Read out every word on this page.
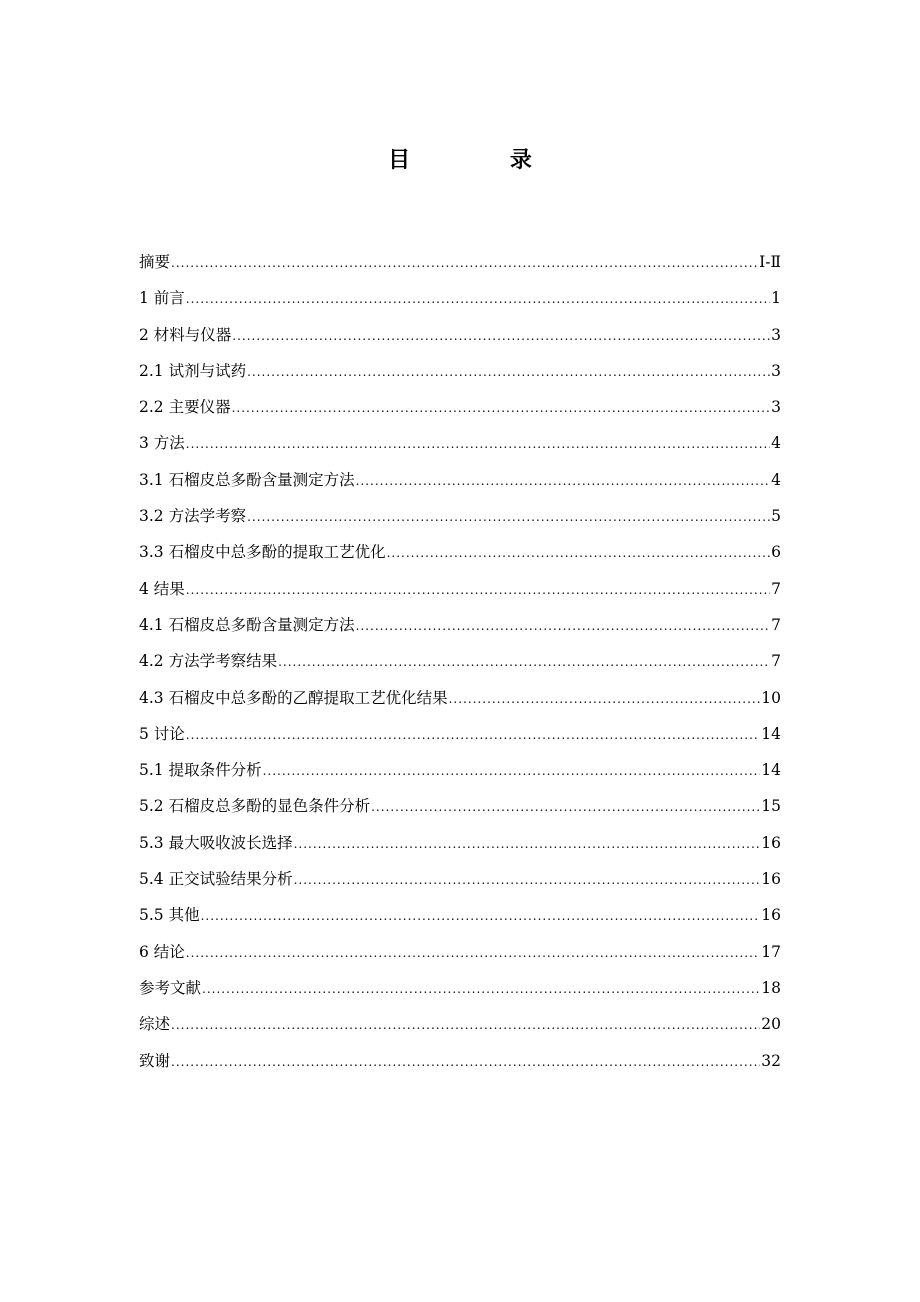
目 录
摘要 .....	Ⅰ-Ⅱ
1 前言 .....	1
2 材料与仪器 .....	3
2.1 试剂与试药 .....	3
2.2 主要仪器 .....	3
3 方法 .....	4
3.1 石榴皮总多酚含量测定方法 .....	4
3.2 方法学考察 .....	5
3.3 石榴皮中总多酚的提取工艺优化 .....	6
4 结果 .....	7
4.1 石榴皮总多酚含量测定方法 .....	7
4.2 方法学考察结果 .....	7
4.3 石榴皮中总多酚的乙醇提取工艺优化结果 .....	10
5 讨论 .....	14
5.1 提取条件分析 .....	14
5.2 石榴皮总多酚的显色条件分析 .....	15
5.3 最大吸收波长选择 .....	16
5.4 正交试验结果分析 .....	16
5.5 其他 .....	16
6 结论 .....	17
参考文献 .....	18
综述 .....	20
致谢 .....	32
